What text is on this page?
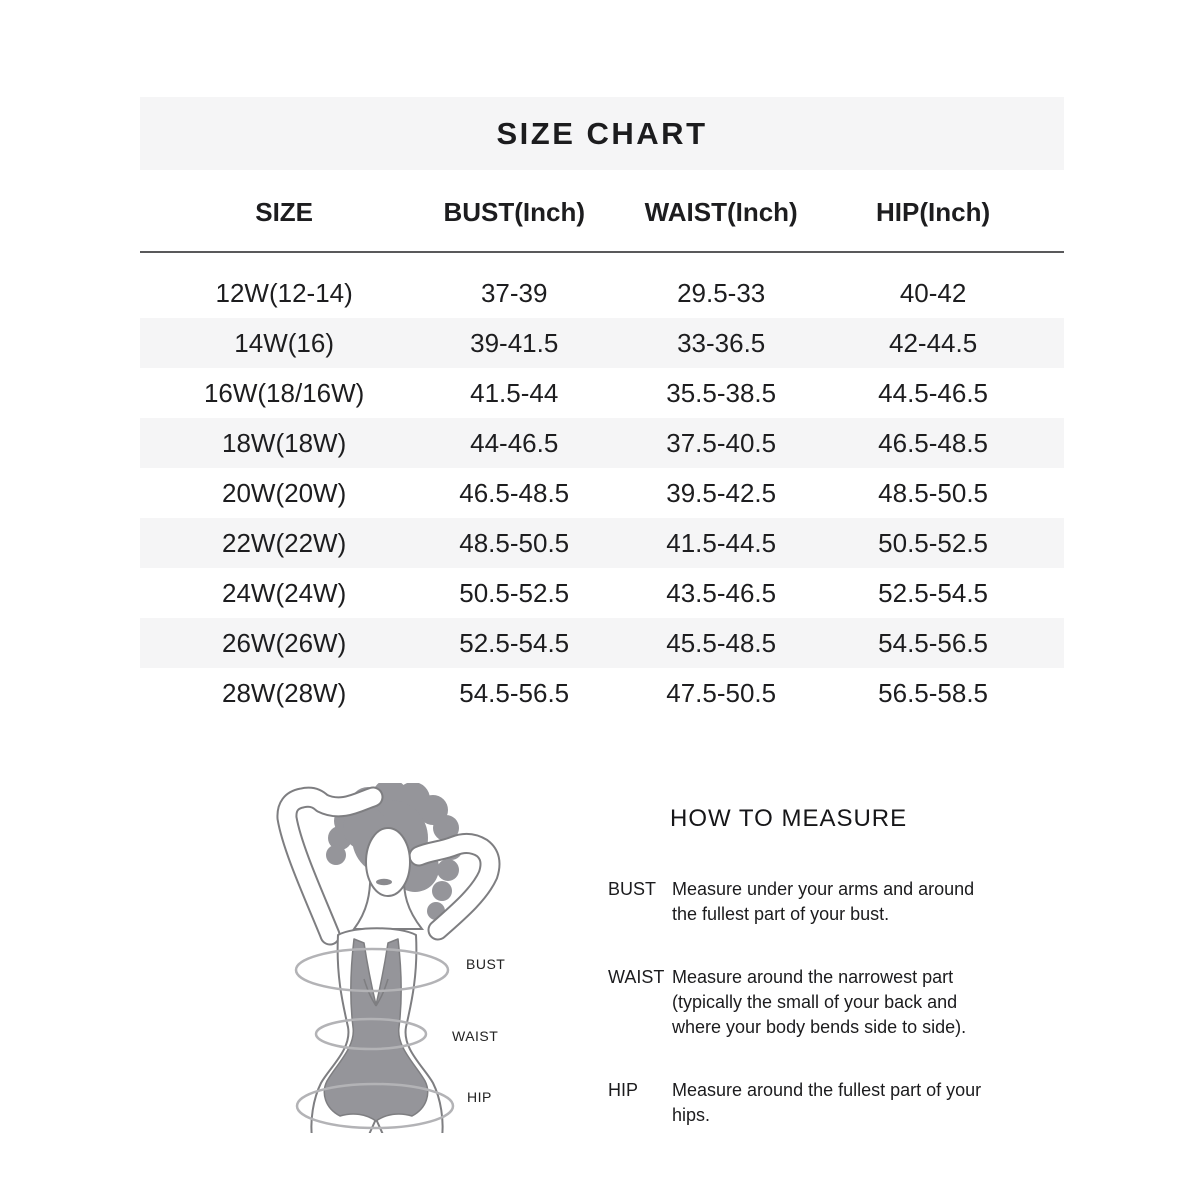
SIZE CHART
SIZE	BUST(Inch)	WAIST(Inch)	HIP(Inch)
12W(12-14)	37-39	29.5-33	40-42
14W(16)	39-41.5	33-36.5	42-44.5
16W(18/16W)	41.5-44	35.5-38.5	44.5-46.5
18W(18W)	44-46.5	37.5-40.5	46.5-48.5
20W(20W)	46.5-48.5	39.5-42.5	48.5-50.5
22W(22W)	48.5-50.5	41.5-44.5	50.5-52.5
24W(24W)	50.5-52.5	43.5-46.5	52.5-54.5
26W(26W)	52.5-54.5	45.5-48.5	54.5-56.5
28W(28W)	54.5-56.5	47.5-50.5	56.5-58.5
BUST
WAIST
HIP
HOW TO MEASURE
BUST Measure under your arms and around the fullest part of your bust.
WAIST Measure around the narrowest part (typically the small of your back and where your body bends side to side).
HIP	Measure around the fullest part of your hips.
